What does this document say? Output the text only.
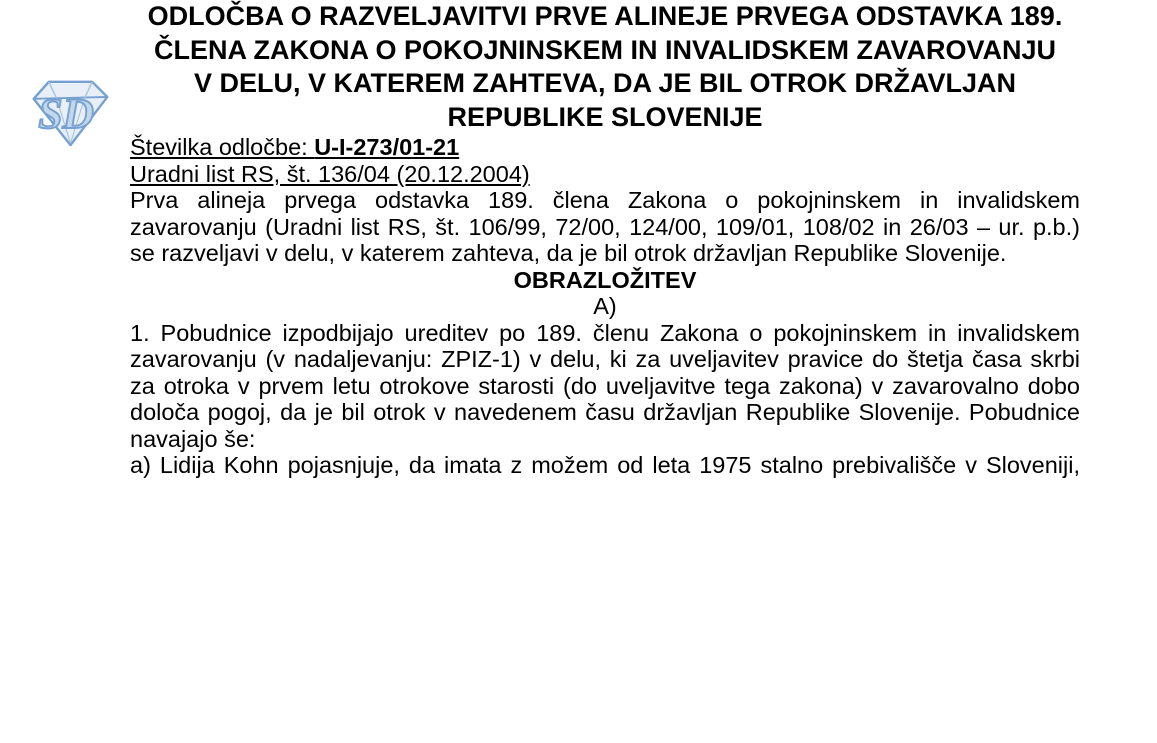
SD
ODLOČBA O RAZVELJAVITVI PRVE ALINEJE PRVEGA ODSTAVKA 189.
ČLENA ZAKONA O POKOJNINSKEM IN INVALIDSKEM ZAVAROVANJU
V DELU, V KATEREM ZAHTEVA, DA JE BIL OTROK DRŽAVLJAN
REPUBLIKE SLOVENIJE

Številka odločbe: U-I-273/01-21

Uradni list RS, št. 136/04 (20.12.2004)

Prva alineja prvega odstavka 189. člena Zakona o pokojninskem in invalidskem
zavarovanju (Uradni list RS, št. 106/99, 72/00, 124/00, 109/01, 108/02 in 26/03 – ur. p.b.)
se razveljavi v delu, v katerem zahteva, da je bil otrok državljan Republike Slovenije.
OBRAZLOŽITEV
A)
1. Pobudnice izpodbijajo ureditev po 189. členu Zakona o pokojninskem in invalidskem
zavarovanju (v nadaljevanju: ZPIZ-1) v delu, ki za uveljavitev pravice do štetja časa skrbi
za otroka v prvem letu otrokove starosti (do uveljavitve tega zakona) v zavarovalno dobo
določa pogoj, da je bil otrok v navedenem času državljan Republike Slovenije. Pobudnice
navajajo še:
a) Lidija Kohn pojasnjuje, da imata z možem od leta 1975 stalno prebivališče v Sloveniji,
